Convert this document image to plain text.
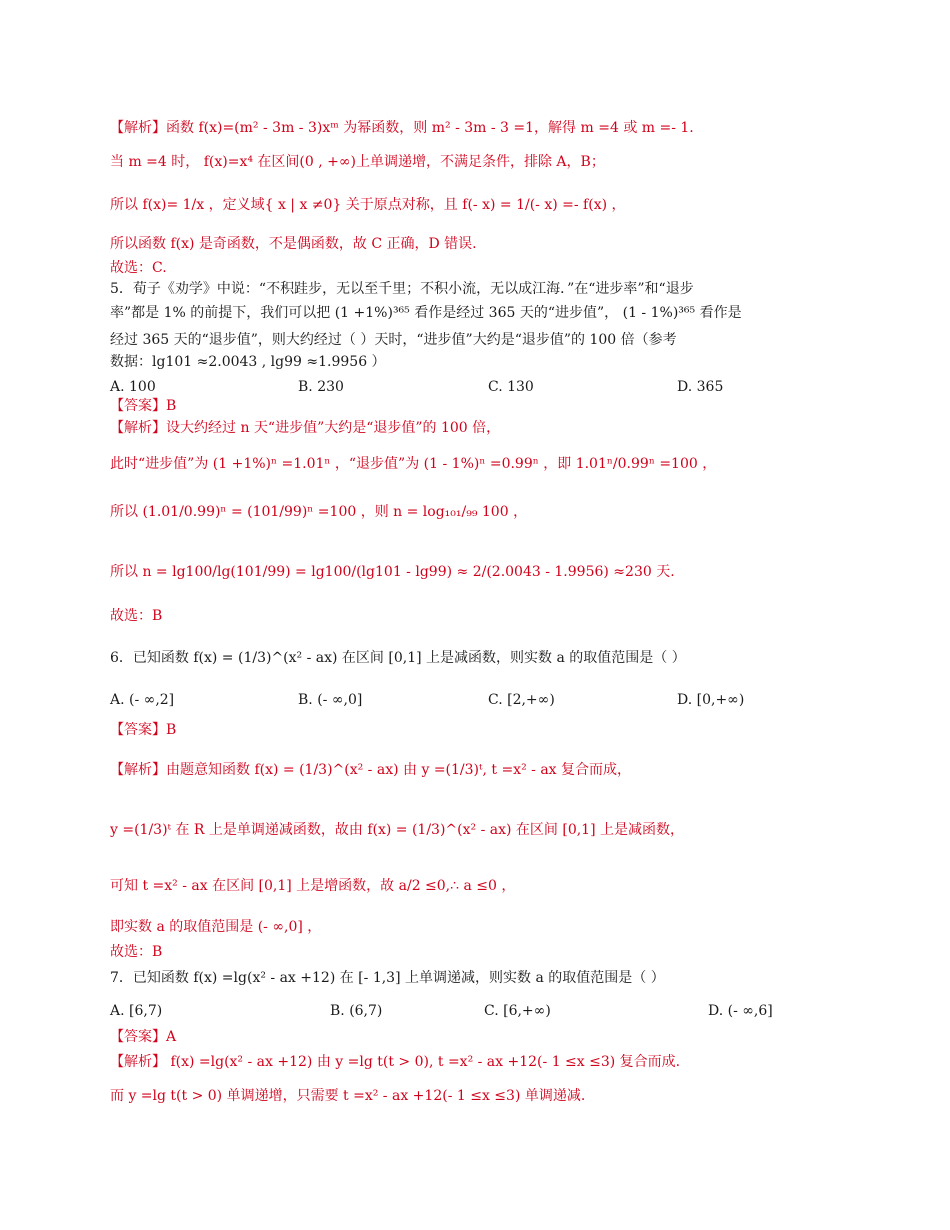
【解析】函数 f(x)=(m² - 3m - 3)xᵐ 为幂函数，则 m² - 3m - 3 =1，解得 m =4 或 m =- 1.
当 m =4 时， f(x)=x⁴ 在区间(0 , +∞)上单调递增，不满足条件，排除 A，B；
所以 f(x)= 1/x ，定义域{ x | x ≠0} 关于原点对称，且 f(- x) = 1/(- x) =- f(x) ，
所以函数 f(x) 是奇函数，不是偶函数，故 C 正确，D 错误.
故选：C.
5．荀子《劝学》中说：“不积跬步，无以至千里；不积小流，无以成江海．”在“进步率”和“退步
率”都是 1% 的前提下，我们可以把 (1 +1%)³⁶⁵ 看作是经过 365 天的“进步值”， (1 - 1%)³⁶⁵ 看作是
经过 365 天的“退步值”，则大约经过（ ）天时，“进步值”大约是“退步值”的 100 倍（参考
数据：lg101 ≈2.0043 , lg99 ≈1.9956 ）
A. 100	B. 230	C. 130	D. 365
【答案】B
【解析】设大约经过 n 天“进步值”大约是“退步值”的 100 倍，
此时“进步值”为 (1 +1%)ⁿ =1.01ⁿ ，“退步值”为 (1 - 1%)ⁿ =0.99ⁿ ，即 1.01ⁿ/0.99ⁿ =100 ，
所以 (1.01/0.99)ⁿ = (101/99)ⁿ =100 ，则 n = log₁₀₁/₉₉ 100 ，
所以 n = lg100/lg(101/99) = lg100/(lg101 - lg99) ≈ 2/(2.0043 - 1.9956) ≈230 天.
故选：B
6．已知函数 f(x) = (1/3)^(x² - ax) 在区间 [0,1] 上是减函数，则实数 a 的取值范围是（ ）
A. (- ∞,2]	B. (- ∞,0]	C. [2,+∞)	D. [0,+∞)
【答案】B
【解析】由题意知函数 f(x) = (1/3)^(x² - ax) 由 y =(1/3)ᵗ, t =x² - ax 复合而成，
y =(1/3)ᵗ 在 R 上是单调递减函数，故由 f(x) = (1/3)^(x² - ax) 在区间 [0,1] 上是减函数，
可知 t =x² - ax 在区间 [0,1] 上是增函数，故 a/2 ≤0,∴ a ≤0 ，
即实数 a 的取值范围是 (- ∞,0] ，
故选：B
7．已知函数 f(x) =lg(x² - ax +12) 在 [- 1,3] 上单调递减，则实数 a 的取值范围是（ ）
A. [6,7)	B. (6,7)	C. [6,+∞)	D. (- ∞,6]
【答案】A
【解析】 f(x) =lg(x² - ax +12) 由 y =lg t(t > 0), t =x² - ax +12(- 1 ≤x ≤3) 复合而成.
而 y =lg t(t > 0) 单调递增，只需要 t =x² - ax +12(- 1 ≤x ≤3) 单调递减.
